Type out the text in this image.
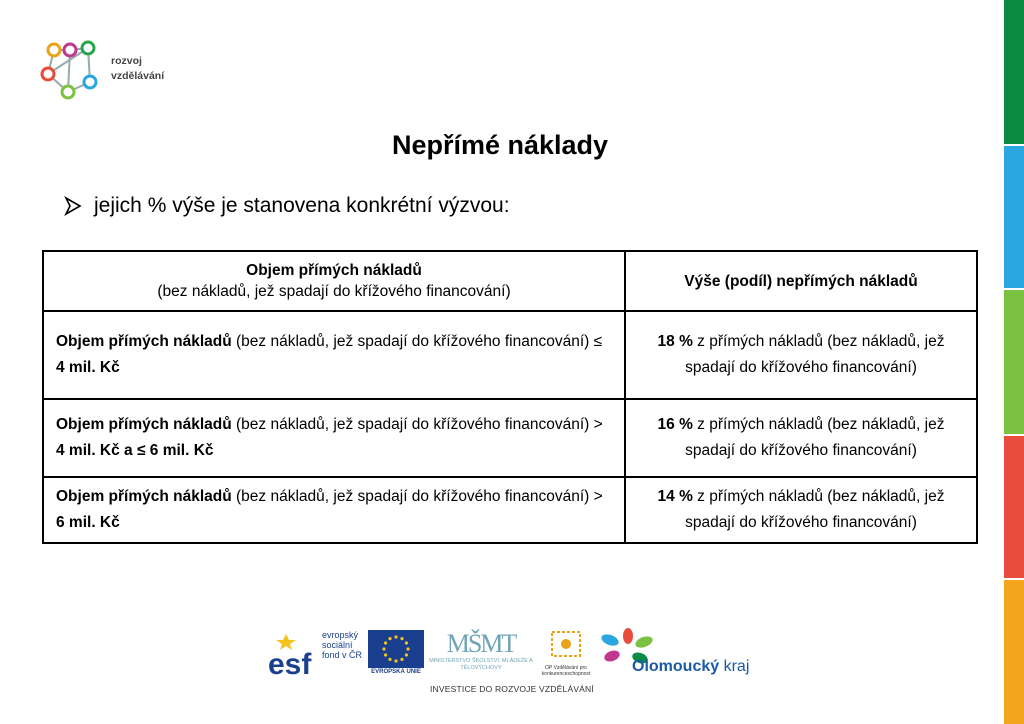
rozvoj
vzdělávání
Nepřímé náklady
jejich % výše je stanovena konkrétní výzvou:
Objem přímých nákladů
(bez nákladů, jež spadají do křížového financování)	Výše (podíl) nepřímých nákladů
Objem přímých nákladů (bez nákladů, jež spadají do křížového financování) ≤ 4 mil. Kč	18 % z přímých nákladů (bez nákladů, jež spadají do křížového financování)
Objem přímých nákladů (bez nákladů, jež spadají do křížového financování) > 4 mil. Kč a ≤ 6 mil. Kč	16 % z přímých nákladů (bez nákladů, jež spadají do křížového financování)
Objem přímých nákladů (bez nákladů, jež spadají do křížového financování) > 6 mil. Kč	14 % z přímých nákladů (bez nákladů, jež spadají do křížového financování)
esf
evropský sociální fond v ČR
EVROPSKÁ UNIE
MŠMT
MINISTERSTVO ŠKOLSTVÍ, MLÁDEŽE A TĚLOVÝCHOVY	OP Vzdělávání pro konkurenceschopnost	Olomoucký kraj
INVESTICE DO ROZVOJE VZDĚLÁVÁNÍ
